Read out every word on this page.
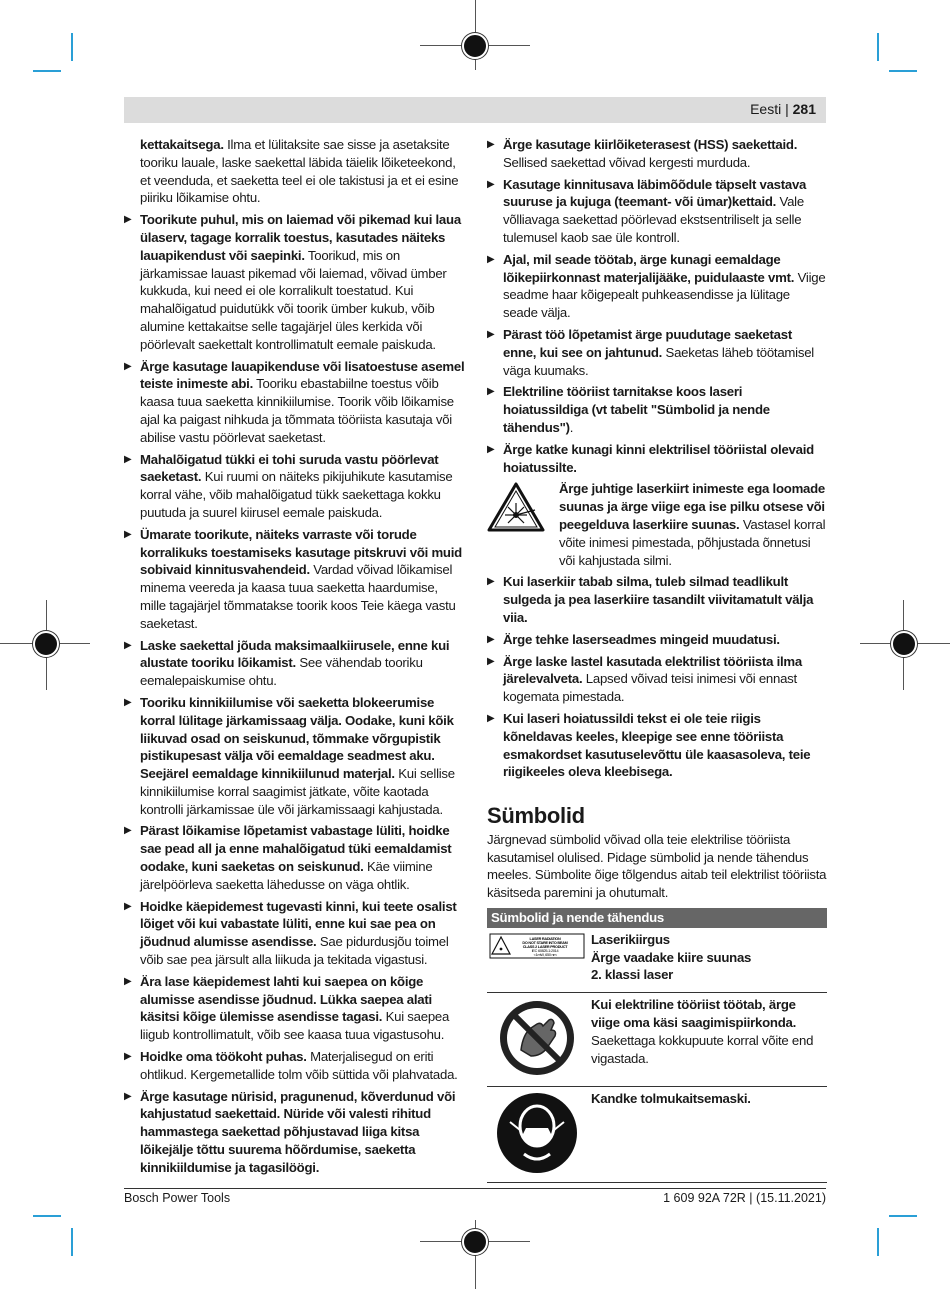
Eesti | 281
kettakaitsega. Ilma et lülitaksite sae sisse ja asetaksite tooriku lauale, laske saekettal läbida täielik lõiketeekond, et veenduda, et saeketta teel ei ole takistusi ja et ei esine piiriku lõikamise ohtu.
▶ Toorikute puhul, mis on laiemad või pikemad kui laua ülaserv, tagage korralik toestus, kasutades näiteks lauapikendust või saepinki. Toorikud, mis on järkamissae lauast pikemad või laiemad, võivad ümber kukkuda, kui need ei ole korralikult toestatud. Kui mahalõigatud puidutükk või toorik ümber kukub, võib alumine kettakaitse selle tagajärjel üles kerkida või pöörlevalt saekettalt kontrollimatult eemale paiskuda.
▶ Ärge kasutage lauapikenduse või lisatoestuse asemel teiste inimeste abi. Tooriku ebastabiilne toestus võib kaasa tuua saeketta kinnikiilumise. Toorik võib lõikamise ajal ka paigast nihkuda ja tõmmata tööriista kasutaja või abilise vastu pöörlevat saeketast.
▶ Mahalõigatud tükki ei tohi suruda vastu pöörlevat saeketast. Kui ruumi on näiteks pikijuhikute kasutamise korral vähe, võib mahalõigatud tükk saekettaga kokku puutuda ja suurel kiirusel eemale paiskuda.
▶ Ümarate toorikute, näiteks varraste või torude korralikuks toestamiseks kasutage pitskruvi või muid sobivaid kinnitusvahendeid. Vardad võivad lõikamisel minema veereda ja kaasa tuua saeketta haardumise, mille tagajärjel tõmmatakse toorik koos Teie käega vastu saeketast.
▶ Laske saekettal jõuda maksimaalkiirusele, enne kui alustate tooriku lõikamist. See vähendab tooriku eemalepaiskumise ohtu.
▶ Tooriku kinnikiilumise või saeketta blokeerumise korral lülitage järkamissaag välja. Oodake, kuni kõik liikuvad osad on seiskunud, tõmmake võrgupistik pistikupesast välja või eemaldage seadmest aku. Seejärel eemaldage kinnikiilunud materjal. Kui sellise kinnikiilumise korral saagimist jätkate, võite kaotada kontrolli järkamissae üle või järkamissaagi kahjustada.
▶ Pärast lõikamise lõpetamist vabastage lüliti, hoidke sae pead all ja enne mahalõigatud tüki eemaldamist oodake, kuni saeketas on seiskunud. Käe viimine järelpöörleva saeketta lähedusse on väga ohtlik.
▶ Hoidke käepidemest tugevasti kinni, kui teete osalist lõiget või kui vabastate lüliti, enne kui sae pea on jõudnud alumisse asendisse. Sae pidurdusjõu toimel võib sae pea järsult alla liikuda ja tekitada vigastusi.
▶ Ära lase käepidemest lahti kui saepea on kõige alumisse asendisse jõudnud. Lükka saepea alati käsitsi kõige ülemisse asendisse tagasi. Kui saepea liigub kontrollimatult, võib see kaasa tuua vigastusohu.
▶ Hoidke oma töökoht puhas. Materjalisegud on eriti ohtlikud. Kergemetallide tolm võib süttida või plahvatada.
▶ Ärge kasutage nürisid, pragunenud, kõverdunud või kahjustatud saekettaid. Nüride või valesti rihitud hammastega saekettad põhjustavad liiga kitsa lõikejälje tõttu suurema hõõrdumise, saeketta kinnikiildumise ja tagasilöögi.
▶ Ärge kasutage kiirlõiketerasest (HSS) saekettaid. Sellised saekettad võivad kergesti murduda.
▶ Kasutage kinnitusava läbimõõdule täpselt vastava suuruse ja kujuga (teemant- või ümar)kettaid. Vale võlliavaga saekettad pöörlevad ekstsentriliselt ja selle tulemusel kaob sae üle kontroll.
▶ Ajal, mil seade töötab, ärge kunagi eemaldage lõikepiirkonnast materjalijääke, puidulaaste vmt. Viige seadme haar kõigepealt puhkeasendisse ja lülitage seade välja.
▶ Pärast töö lõpetamist ärge puudutage saeketast enne, kui see on jahtunud. Saeketas läheb töötamisel väga kuumaks.
▶ Elektriline tööriist tarnitakse koos laseri hoiatussildiga (vt tabelit "Sümbolid ja nende tähendus").
▶ Ärge katke kunagi kinni elektrilisel tööriistal olevaid hoiatussilte.
Ärge juhtige laserkiirt inimeste ega loomade suunas ja ärge viige ega ise pilku otsese või peegelduva laserkiire suunas. Vastasel korral võite inimesi pimestada, põhjustada õnnetusi või kahjustada silmi.
▶ Kui laserkiir tabab silma, tuleb silmad teadlikult sulgeda ja pea laserkiire tasandilt viivitamatult välja viia.
▶ Ärge tehke laserseadmes mingeid muudatusi.
▶ Ärge laske lastel kasutada elektrilist tööriista ilma järelevalveta. Lapsed võivad teisi inimesi või ennast kogemata pimestada.
▶ Kui laseri hoiatussildi tekst ei ole teie riigis kõneldavas keeles, kleepige see enne tööriista esmakordset kasutuselevõttu üle kaasasoleva, teie riigikeeles oleva kleebisega.
Sümbolid
Järgnevad sümbolid võivad olla teie elektrilise tööriista kasutamisel olulised. Pidage sümbolid ja nende tähendus meeles. Sümbolite õige tõlgendus aitab teil elektrilist tööriista käsitseda paremini ja ohutumalt.
Sümbolid ja nende tähendus
LASER RADIATION
DO NOT STARE INTO BEAM
CLASS 2 LASER PRODUCT
IEC 60825-1:2014
<1mW, 650 nm
Laserikiirgus
Ärge vaadake kiire suunas
2. klassi laser
Kui elektriline tööriist töötab, ärge viige oma käsi saagimispiirkonda. Saekettaga kokkupuute korral võite end vigastada.
Kandke tolmukaitsemaski.
Bosch Power Tools	1 609 92A 72R | (15.11.2021)
